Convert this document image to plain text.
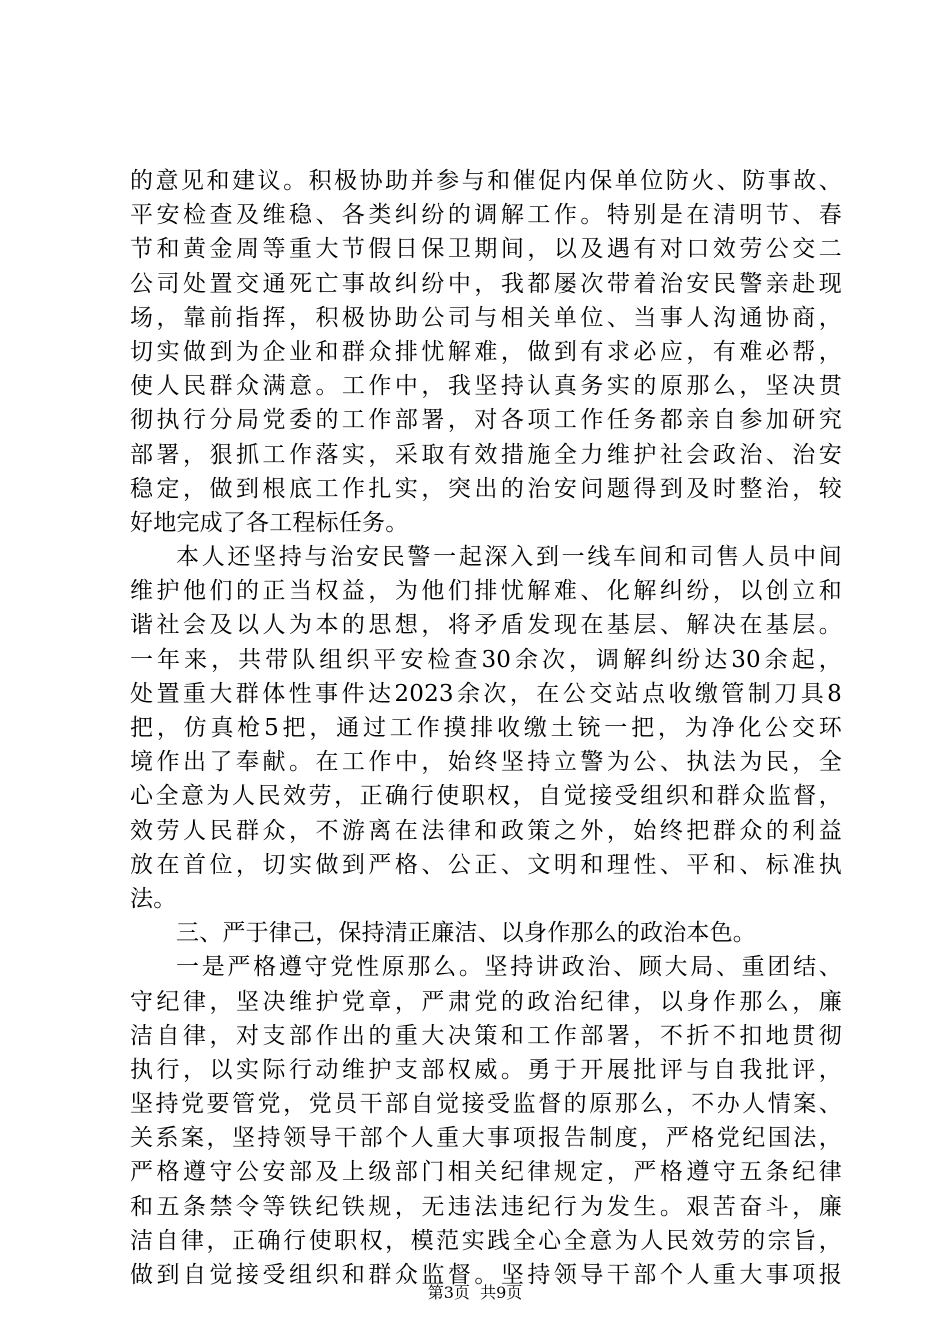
的意见和建议。积极协助并参与和催促内保单位防火、防事故、
平安检查及维稳、各类纠纷的调解工作。特别是在清明节、春
节和黄金周等重大节假日保卫期间，以及遇有对口效劳公交二
公司处置交通死亡事故纠纷中，我都屡次带着治安民警亲赴现
场，靠前指挥，积极协助公司与相关单位、当事人沟通协商，
切实做到为企业和群众排忧解难，做到有求必应，有难必帮，
使人民群众满意。工作中，我坚持认真务实的原那么，坚决贯
彻执行分局党委的工作部署，对各项工作任务都亲自参加研究
部署，狠抓工作落实，采取有效措施全力维护社会政治、治安
稳定，做到根底工作扎实，突出的治安问题得到及时整治，较
好地完成了各工程标任务。
本人还坚持与治安民警一起深入到一线车间和司售人员中间
维护他们的正当权益，为他们排忧解难、化解纠纷，以创立和
谐社会及以人为本的思想，将矛盾发现在基层、解决在基层。
一年来，共带队组织平安检查30余次，调解纠纷达30余起，
处置重大群体性事件达2023余次，在公交站点收缴管制刀具8
把，仿真枪5把，通过工作摸排收缴土铳一把，为净化公交环
境作出了奉献。在工作中，始终坚持立警为公、执法为民，全
心全意为人民效劳，正确行使职权，自觉接受组织和群众监督，
效劳人民群众，不游离在法律和政策之外，始终把群众的利益
放在首位，切实做到严格、公正、文明和理性、平和、标准执
法。
三、严于律己，保持清正廉洁、以身作那么的政治本色。
一是严格遵守党性原那么。坚持讲政治、顾大局、重团结、
守纪律，坚决维护党章，严肃党的政治纪律，以身作那么，廉
洁自律，对支部作出的重大决策和工作部署，不折不扣地贯彻
执行，以实际行动维护支部权威。勇于开展批评与自我批评，
坚持党要管党，党员干部自觉接受监督的原那么，不办人情案、
关系案，坚持领导干部个人重大事项报告制度，严格党纪国法，
严格遵守公安部及上级部门相关纪律规定，严格遵守五条纪律
和五条禁令等铁纪铁规，无违法违纪行为发生。艰苦奋斗，廉
洁自律，正确行使职权，模范实践全心全意为人民效劳的宗旨，
做到自觉接受组织和群众监督。坚持领导干部个人重大事项报
第3页 共9页
